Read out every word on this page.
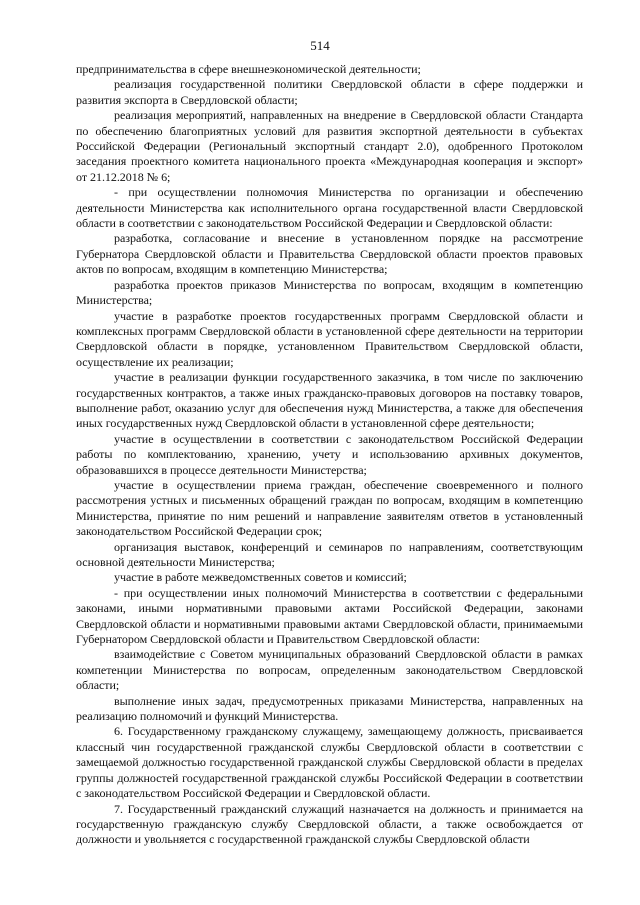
514

предпринимательства в сфере внешнеэкономической деятельности;

реализация государственной политики Свердловской области в сфере поддержки и развития экспорта в Свердловской области;

реализация мероприятий, направленных на внедрение в Свердловской области Стандарта по обеспечению благоприятных условий для развития экспортной деятельности в субъектах Российской Федерации (Региональный экспортный стандарт 2.0), одобренного Протоколом заседания проектного комитета национального проекта «Международная кооперация и экспорт» от 21.12.2018 № 6;

- при осуществлении полномочия Министерства по организации и обеспечению деятельности Министерства как исполнительного органа государственной власти Свердловской области в соответствии с законодательством Российской Федерации и Свердловской области:

разработка, согласование и внесение в установленном порядке на рассмотрение Губернатора Свердловской области и Правительства Свердловской области проектов правовых актов по вопросам, входящим в компетенцию Министерства;

разработка проектов приказов Министерства по вопросам, входящим в компетенцию Министерства;

участие в разработке проектов государственных программ Свердловской области и комплексных программ Свердловской области в установленной сфере деятельности на территории Свердловской области в порядке, установленном Правительством Свердловской области, осуществление их реализации;

участие в реализации функции государственного заказчика, в том числе по заключению государственных контрактов, а также иных гражданско-правовых договоров на поставку товаров, выполнение работ, оказанию услуг для обеспечения нужд Министерства, а также для обеспечения иных государственных нужд Свердловской области в установленной сфере деятельности;

участие в осуществлении в соответствии с законодательством Российской Федерации работы по комплектованию, хранению, учету и использованию архивных документов, образовавшихся в процессе деятельности Министерства;

участие в осуществлении приема граждан, обеспечение своевременного и полного рассмотрения устных и письменных обращений граждан по вопросам, входящим в компетенцию Министерства, принятие по ним решений и направление заявителям ответов в установленный законодательством Российской Федерации срок;

организация выставок, конференций и семинаров по направлениям, соответствующим основной деятельности Министерства;

участие в работе межведомственных советов и комиссий;

- при осуществлении иных полномочий Министерства в соответствии с федеральными законами, иными нормативными правовыми актами Российской Федерации, законами Свердловской области и нормативными правовыми актами Свердловской области, принимаемыми Губернатором Свердловской области и Правительством Свердловской области:

взаимодействие с Советом муниципальных образований Свердловской области в рамках компетенции Министерства по вопросам, определенным законодательством Свердловской области;

выполнение иных задач, предусмотренных приказами Министерства, направленных на реализацию полномочий и функций Министерства.

6. Государственному гражданскому служащему, замещающему должность, присваивается классный чин государственной гражданской службы Свердловской области в соответствии с замещаемой должностью государственной гражданской службы Свердловской области в пределах группы должностей государственной гражданской службы Российской Федерации в соответствии с законодательством Российской Федерации и Свердловской области.

7. Государственный гражданский служащий назначается на должность и принимается на государственную гражданскую службу Свердловской области, а также освобождается от должности и увольняется с государственной гражданской службы Свердловской области
